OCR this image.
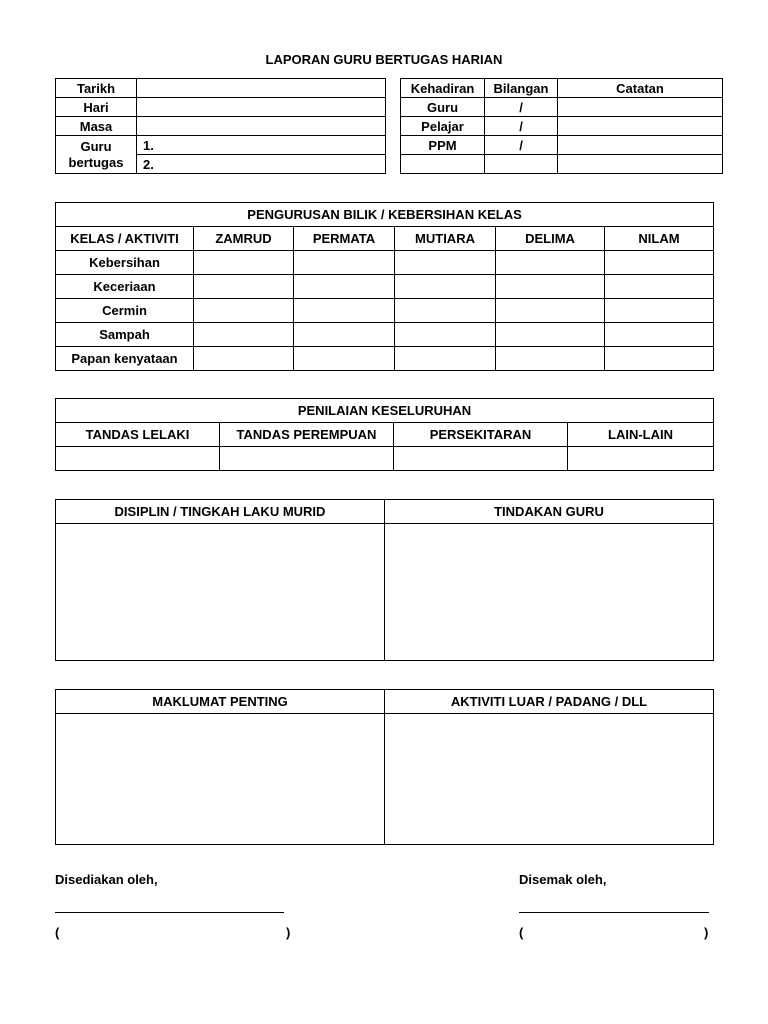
LAPORAN GURU BERTUGAS HARIAN
Tarikh	
Hari	
Masa	
Guru bertugas	1.
	2.
Kehadiran	Bilangan	Catatan
Guru	/	
Pelajar	/	
PPM	/	

PENGURUSAN BILIK / KEBERSIHAN KELAS					
KELAS / AKTIVITI	ZAMRUD	PERMATA	MUTIARA	DELIMA	NILAM
Kebersihan					
Keceriaan					
Cermin					
Sampah					
Papan kenyataan					
PENILAIAN KESELURUHAN			
TANDAS LELAKI	TANDAS PEREMPUAN	PERSEKITARAN	LAIN-LAIN

DISIPLIN / TINGKAH LAKU MURID	TINDAKAN GURU

MAKLUMAT PENTING	AKTIVITI LUAR / PADANG / DLL

Disediakan oleh,
(	)
Disemak oleh,
(	)
